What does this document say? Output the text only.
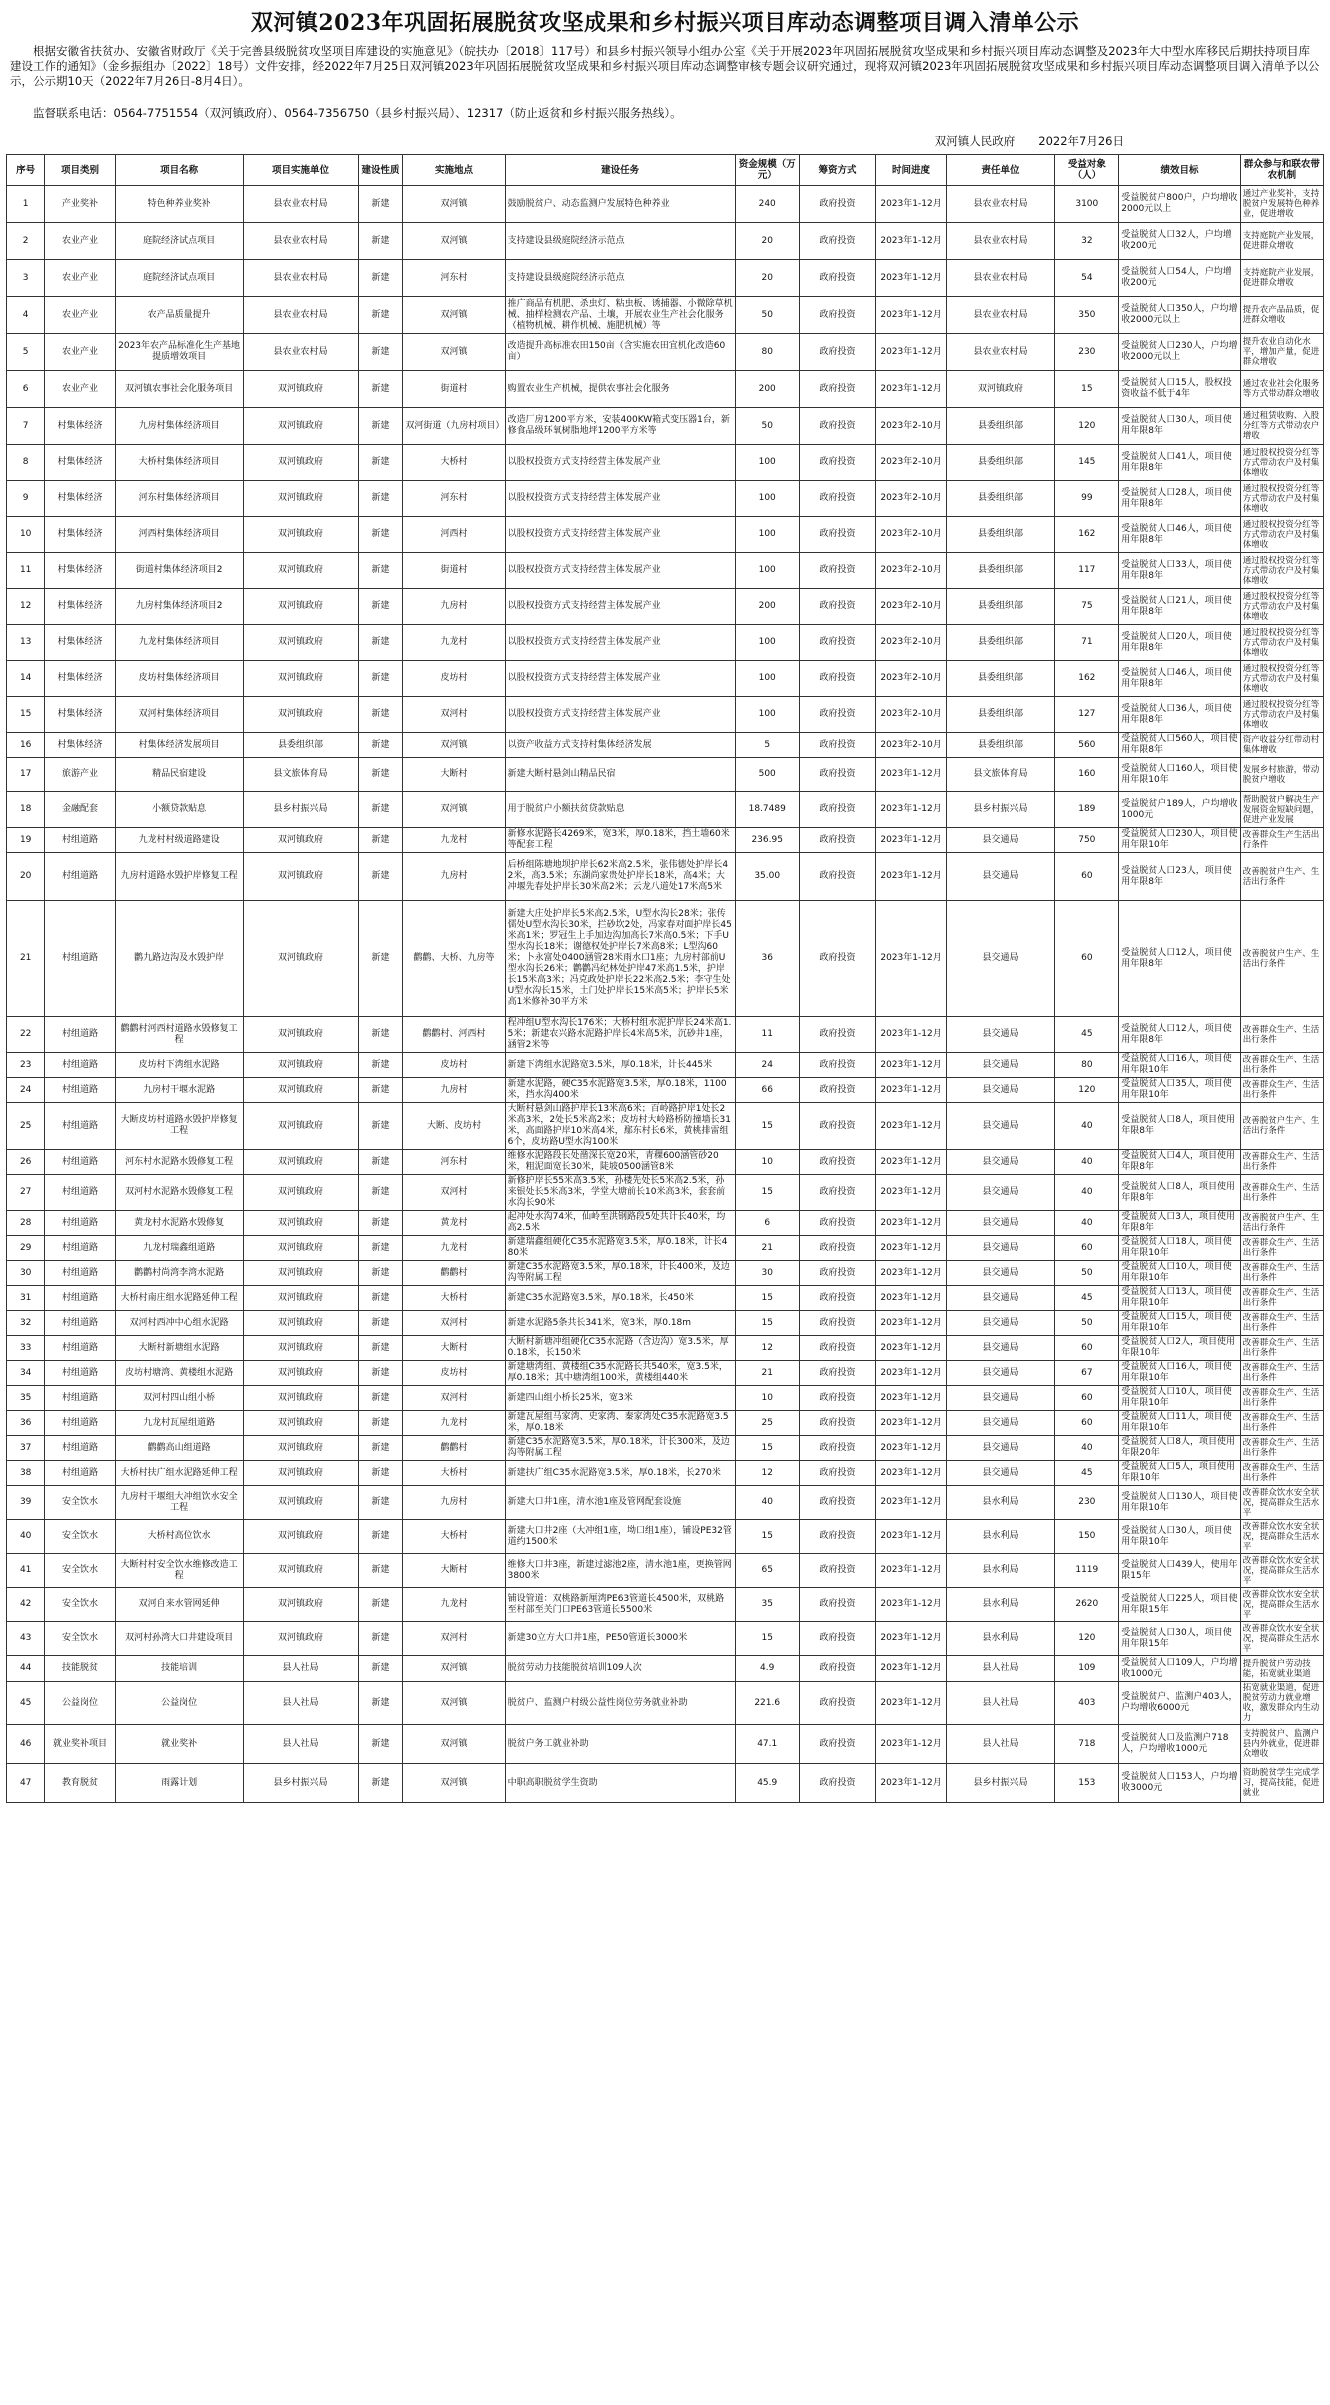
双河镇2023年巩固拓展脱贫攻坚成果和乡村振兴项目库动态调整项目调入清单公示

根据安徽省扶贫办、安徽省财政厅《关于完善县级脱贫攻坚项目库建设的实施意见》（皖扶办〔2018〕117号）和县乡村振兴领导小组办公室《关于开展2023年巩固拓展脱贫攻坚成果和乡村振兴项目库动态调整及2023年大中型水库移民后期扶持项目库建设工作的通知》（金乡振组办〔2022〕18号）文件安排，经2022年7月25日双河镇2023年巩固拓展脱贫攻坚成果和乡村振兴项目库动态调整审核专题会议研究通过，现将双河镇2023年巩固拓展脱贫攻坚成果和乡村振兴项目库动态调整项目调入清单予以公示，公示期10天（2022年7月26日-8月4日）。

监督联系电话：0564-7751554（双河镇政府）、0564-7356750（县乡村振兴局）、12317（防止返贫和乡村振兴服务热线）。

双河镇人民政府　　2022年7月26日
序号	项目类别	项目名称	项目实施单位	建设性质	实施地点	建设任务	资金规模（万元）	筹资方式	时间进度	责任单位	受益对象（人）	绩效目标	群众参与和联农带农机制
1	产业奖补	特色种养业奖补	县农业农村局	新建	双河镇	鼓励脱贫户、动态监测户发展特色种养业	240	政府投资	2023年1-12月	县农业农村局	3100	受益脱贫户800户，户均增收2000元以上	通过产业奖补，支持脱贫户发展特色种养业，促进增收
2	农业产业	庭院经济试点项目	县农业农村局	新建	双河镇	支持建设县级庭院经济示范点	20	政府投资	2023年1-12月	县农业农村局	32	受益脱贫人口32人，户均增收200元	支持庭院产业发展，促进群众增收
3	农业产业	庭院经济试点项目	县农业农村局	新建	河东村	支持建设县级庭院经济示范点	20	政府投资	2023年1-12月	县农业农村局	54	受益脱贫人口54人，户均增收200元	支持庭院产业发展，促进群众增收
4	农业产业	农产品质量提升	县农业农村局	新建	双河镇	推广商品有机肥、杀虫灯、粘虫板、诱捕器、小微除草机械、抽样检测农产品、土壤，开展农业生产社会化服务（植物机械、耕作机械、施肥机械）等	50	政府投资	2023年1-12月	县农业农村局	350	受益脱贫人口350人，户均增收2000元以上	提升农产品品质，促进群众增收
5	农业产业	2023年农产品标准化生产基地提质增效项目	县农业农村局	新建	双河镇	改造提升高标准农田150亩（含实施农田宜机化改造60亩）	80	政府投资	2023年1-12月	县农业农村局	230	受益脱贫人口230人，户均增收2000元以上	提升农业自动化水平，增加产量，促进群众增收
6	农业产业	双河镇农事社会化服务项目	双河镇政府	新建	街道村	购置农业生产机械，提供农事社会化服务	200	政府投资	2023年1-12月	双河镇政府	15	受益脱贫人口15人，股权投资收益不低于4年	通过农业社会化服务等方式带动群众增收
7	村集体经济	九房村集体经济项目	双河镇政府	新建	双河街道（九房村项目）	改造厂房1200平方米，安装400KW箱式变压器1台，新修食品级环氧树脂地坪1200平方米等	50	政府投资	2023年2-10月	县委组织部	120	受益脱贫人口30人，项目使用年限8年	通过租赁收购、入股分红等方式带动农户增收
8	村集体经济	大桥村集体经济项目	双河镇政府	新建	大桥村	以股权投资方式支持经营主体发展产业	100	政府投资	2023年2-10月	县委组织部	145	受益脱贫人口41人，项目使用年限8年	通过股权投资分红等方式带动农户及村集体增收
9	村集体经济	河东村集体经济项目	双河镇政府	新建	河东村	以股权投资方式支持经营主体发展产业	100	政府投资	2023年2-10月	县委组织部	99	受益脱贫人口28人，项目使用年限8年	通过股权投资分红等方式带动农户及村集体增收
10	村集体经济	河西村集体经济项目	双河镇政府	新建	河西村	以股权投资方式支持经营主体发展产业	100	政府投资	2023年2-10月	县委组织部	162	受益脱贫人口46人，项目使用年限8年	通过股权投资分红等方式带动农户及村集体增收
11	村集体经济	街道村集体经济项目2	双河镇政府	新建	街道村	以股权投资方式支持经营主体发展产业	100	政府投资	2023年2-10月	县委组织部	117	受益脱贫人口33人，项目使用年限8年	通过股权投资分红等方式带动农户及村集体增收
12	村集体经济	九房村集体经济项目2	双河镇政府	新建	九房村	以股权投资方式支持经营主体发展产业	200	政府投资	2023年2-10月	县委组织部	75	受益脱贫人口21人，项目使用年限8年	通过股权投资分红等方式带动农户及村集体增收
13	村集体经济	九龙村集体经济项目	双河镇政府	新建	九龙村	以股权投资方式支持经营主体发展产业	100	政府投资	2023年2-10月	县委组织部	71	受益脱贫人口20人，项目使用年限8年	通过股权投资分红等方式带动农户及村集体增收
14	村集体经济	皮坊村集体经济项目	双河镇政府	新建	皮坊村	以股权投资方式支持经营主体发展产业	100	政府投资	2023年2-10月	县委组织部	162	受益脱贫人口46人，项目使用年限8年	通过股权投资分红等方式带动农户及村集体增收
15	村集体经济	双河村集体经济项目	双河镇政府	新建	双河村	以股权投资方式支持经营主体发展产业	100	政府投资	2023年2-10月	县委组织部	127	受益脱贫人口36人，项目使用年限8年	通过股权投资分红等方式带动农户及村集体增收
16	村集体经济	村集体经济发展项目	县委组织部	新建	双河镇	以资产收益方式支持村集体经济发展	5	政府投资	2023年2-10月	县委组织部	560	受益脱贫人口560人，项目使用年限8年	资产收益分红带动村集体增收
17	旅游产业	精品民宿建设	县文旅体育局	新建	大断村	新建大断村悬剑山精品民宿	500	政府投资	2023年1-12月	县文旅体育局	160	受益脱贫人口160人，项目使用年限10年	发展乡村旅游，带动脱贫户增收
18	金融配套	小额贷款贴息	县乡村振兴局	新建	双河镇	用于脱贫户小额扶贫贷款贴息	18.7489	政府投资	2023年1-12月	县乡村振兴局	189	受益脱贫户189人，户均增收1000元	帮助脱贫户解决生产发展资金短缺问题，促进产业发展
19	村组道路	九龙村村级道路建设	双河镇政府	新建	九龙村	新修水泥路长4269米，宽3米，厚0.18米，挡土墙60米等配套工程	236.95	政府投资	2023年1-12月	县交通局	750	受益脱贫人口230人，项目使用年限10年	改善群众生产生活出行条件
20	村组道路	九房村道路水毁护岸修复工程	双河镇政府	新建	九房村	后桥组陈塘地坝护岸长62米高2.5米，张伟德处护岸长42米，高3.5米；东湖尚家贵处护岸长18米，高4米；大冲堰先春处护岸长30米高2米；云龙八道处17米高5米	35.00	政府投资	2023年1-12月	县交通局	60	受益脱贫人口23人，项目使用年限8年	改善脱贫户生产、生活出行条件
21	村组道路	鹳九路边沟及水毁护岸	双河镇政府	新建	鹳鹳、大桥、九房等	新建大庄处护岸长5米高2.5米，U型水沟长28米；张传儒处U型水沟长30米，拦砂坎2处，冯家春对面护岸长45米高1米；罗冠生上手加边沟加高长7米高0.5米；下手U型水沟长18米；谢德权处护岸长7米高8米；L型沟60米；卜永富处0400涵管28米雨水口1座；九房村部前U型水沟长26米；鹳鹳冯纪林处护岸47米高1.5米，护岸长15米高3米；冯克政处护岸长22米高2.5米；李守生处U型水沟长15米，土门处护岸长15米高5米；护岸长5米高1米修补30平方米	36	政府投资	2023年1-12月	县交通局	60	受益脱贫人口12人，项目使用年限8年	改善脱贫户生产、生活出行条件
22	村组道路	鹳鹳村河西村道路水毁修复工程	双河镇政府	新建	鹳鹳村、河西村	程冲组U型水沟长176米；大桥村组水泥护岸长24米高1.5米；新建农兴路水泥路护岸长4米高5米，沉砂井1座，涵管2米等	11	政府投资	2023年1-12月	县交通局	45	受益脱贫人口12人，项目使用年限8年	改善群众生产、生活出行条件
23	村组道路	皮坊村下湾组水泥路	双河镇政府	新建	皮坊村	新建下湾组水泥路宽3.5米，厚0.18米，计长445米	24	政府投资	2023年1-12月	县交通局	80	受益脱贫人口16人，项目使用年限10年	改善群众生产、生活出行条件
24	村组道路	九房村干堰水泥路	双河镇政府	新建	九房村	新建水泥路，硬C35水泥路宽3.5米，厚0.18米，1100米，挡水沟400米	66	政府投资	2023年1-12月	县交通局	120	受益脱贫人口35人，项目使用年限10年	改善群众生产、生活出行条件
25	村组道路	大断皮坊村道路水毁护岸修复工程	双河镇政府	新建	大断、皮坊村	大断村悬剑山路护岸长13米高6米；百岭路护岸1处长2米高3米，2处长5米高2米；皮坊村大岭路桥防撞墙长31米，高面路护岸10米高4米，鄢东村长6米，黄桃排雷组6个，皮坊路U型水沟100米	15	政府投资	2023年1-12月	县交通局	40	受益脱贫人口8人，项目使用年限8年	改善脱贫户生产、生活出行条件
26	村组道路	河东村水泥路水毁修复工程	双河镇政府	新建	河东村	维修水泥路段长处凿深长宽20米，青稞600涵管砂20米，粗泥面宽长30米，陡坡0500涵管8米	10	政府投资	2023年1-12月	县交通局	40	受益脱贫人口4人，项目使用年限8年	改善群众生产、生活出行条件
27	村组道路	双河村水泥路水毁修复工程	双河镇政府	新建	双河村	新修护岸长55米高3.5米，孙楼先处长5米高2.5米，孙来银处长5米高3米，学堂大塘前长10米高3米，套套前水沟长90米	15	政府投资	2023年1-12月	县交通局	40	受益脱贫人口8人，项目使用年限8年	改善群众生产、生活出行条件
28	村组道路	黄龙村水泥路水毁修复	双河镇政府	新建	黄龙村	起冲处水沟74米，仙岭至洪钢路段5处共计长40米，均高2.5米	6	政府投资	2023年1-12月	县交通局	40	受益脱贫人口3人，项目使用年限8年	改善脱贫户生产、生活出行条件
29	村组道路	九龙村瑞鑫组道路	双河镇政府	新建	九龙村	新建瑞鑫组硬化C35水泥路宽3.5米，厚0.18米，计长480米	21	政府投资	2023年1-12月	县交通局	60	受益脱贫人口18人，项目使用年限10年	改善群众生产、生活出行条件
30	村组道路	鹳鹳村尚湾李湾水泥路	双河镇政府	新建	鹳鹳村	新建C35水泥路宽3.5米，厚0.18米，计长400米，及边沟等附属工程	30	政府投资	2023年1-12月	县交通局	50	受益脱贫人口10人，项目使用年限10年	改善群众生产、生活出行条件
31	村组道路	大桥村南庄组水泥路延伸工程	双河镇政府	新建	大桥村	新建C35水泥路宽3.5米，厚0.18米，长450米	15	政府投资	2023年1-12月	县交通局	45	受益脱贫人口13人，项目使用年限10年	改善群众生产、生活出行条件
32	村组道路	双河村西冲中心组水泥路	双河镇政府	新建	双河村	新建水泥路5条共长341米，宽3米，厚0.18m	15	政府投资	2023年1-12月	县交通局	50	受益脱贫人口15人，项目使用年限10年	改善群众生产、生活出行条件
33	村组道路	大断村新塘组水泥路	双河镇政府	新建	大断村	大断村新塘冲组硬化C35水泥路（含边沟）宽3.5米，厚0.18米，长150米	12	政府投资	2023年1-12月	县交通局	60	受益脱贫人口2人，项目使用年限10年	改善群众生产、生活出行条件
34	村组道路	皮坊村塘湾、黄楼组水泥路	双河镇政府	新建	皮坊村	新建塘湾组、黄楼组C35水泥路长共540米，宽3.5米，厚0.18米；其中塘湾组100米，黄楼组440米	21	政府投资	2023年1-12月	县交通局	67	受益脱贫人口16人，项目使用年限10年	改善群众生产、生活出行条件
35	村组道路	双河村四山组小桥	双河镇政府	新建	双河村	新建四山组小桥长25米，宽3米	10	政府投资	2023年1-12月	县交通局	60	受益脱贫人口10人，项目使用年限10年	改善群众生产、生活出行条件
36	村组道路	九龙村瓦屋组道路	双河镇政府	新建	九龙村	新建瓦屋组马家湾、史家湾、秦家湾处C35水泥路宽3.5米，厚0.18米	25	政府投资	2023年1-12月	县交通局	60	受益脱贫人口11人，项目使用年限10年	改善群众生产、生活出行条件
37	村组道路	鹳鹳高山组道路	双河镇政府	新建	鹳鹳村	新建C35水泥路宽3.5米，厚0.18米，计长300米，及边沟等附属工程	15	政府投资	2023年1-12月	县交通局	40	受益脱贫人口8人，项目使用年限20年	改善群众生产、生活出行条件
38	村组道路	大桥村扶广组水泥路延伸工程	双河镇政府	新建	大桥村	新建扶广组C35水泥路宽3.5米，厚0.18米，长270米	12	政府投资	2023年1-12月	县交通局	45	受益脱贫人口5人，项目使用年限10年	改善群众生产、生活出行条件
39	安全饮水	九房村干堰组大冲组饮水安全工程	双河镇政府	新建	九房村	新建大口井1座，清水池1座及管网配套设施	40	政府投资	2023年1-12月	县水利局	230	受益脱贫人口130人，项目使用年限10年	改善群众饮水安全状况，提高群众生活水平
40	安全饮水	大桥村高位饮水	双河镇政府	新建	大桥村	新建大口井2座（大冲组1座，坳口组1座），铺设PE32管道约1500米	15	政府投资	2023年1-12月	县水利局	150	受益脱贫人口30人，项目使用年限10年	改善群众饮水安全状况，提高群众生活水平
41	安全饮水	大断村村安全饮水维修改造工程	双河镇政府	新建	大断村	维修大口井3座，新建过滤池2座，清水池1座，更换管网3800米	65	政府投资	2023年1-12月	县水利局	1119	受益脱贫人口439人，使用年限15年	改善群众饮水安全状况，提高群众生活水平
42	安全饮水	双河自来水管网延伸	双河镇政府	新建	九龙村	铺设管道：双桃路新厘湾PE63管道长4500米，双桃路至村部至关门口PE63管道长5500米	35	政府投资	2023年1-12月	县水利局	2620	受益脱贫人口225人，项目使用年限15年	改善群众饮水安全状况，提高群众生活水平
43	安全饮水	双河村孙湾大口井建设项目	双河镇政府	新建	双河村	新建30立方大口井1座，PE50管道长3000米	15	政府投资	2023年1-12月	县水利局	120	受益脱贫人口30人，项目使用年限15年	改善群众饮水安全状况，提高群众生活水平
44	技能脱贫	技能培训	县人社局	新建	双河镇	脱贫劳动力技能脱贫培训109人次	4.9	政府投资	2023年1-12月	县人社局	109	受益脱贫人口109人，户均增收1000元	提升脱贫户劳动技能，拓宽就业渠道
45	公益岗位	公益岗位	县人社局	新建	双河镇	脱贫户、监测户村级公益性岗位劳务就业补助	221.6	政府投资	2023年1-12月	县人社局	403	受益脱贫户、监测户403人，户均增收6000元	拓宽就业渠道，促进脱贫劳动力就业增收，激发群众内生动力
46	就业奖补项目	就业奖补	县人社局	新建	双河镇	脱贫户务工就业补助	47.1	政府投资	2023年1-12月	县人社局	718	受益脱贫人口及监测户718人，户均增收1000元	支持脱贫户、监测户县内外就业，促进群众增收
47	教育脱贫	雨露计划	县乡村振兴局	新建	双河镇	中职高职脱贫学生资助	45.9	政府投资	2023年1-12月	县乡村振兴局	153	受益脱贫人口153人，户均增收3000元	资助脱贫学生完成学习，提高技能，促进就业
